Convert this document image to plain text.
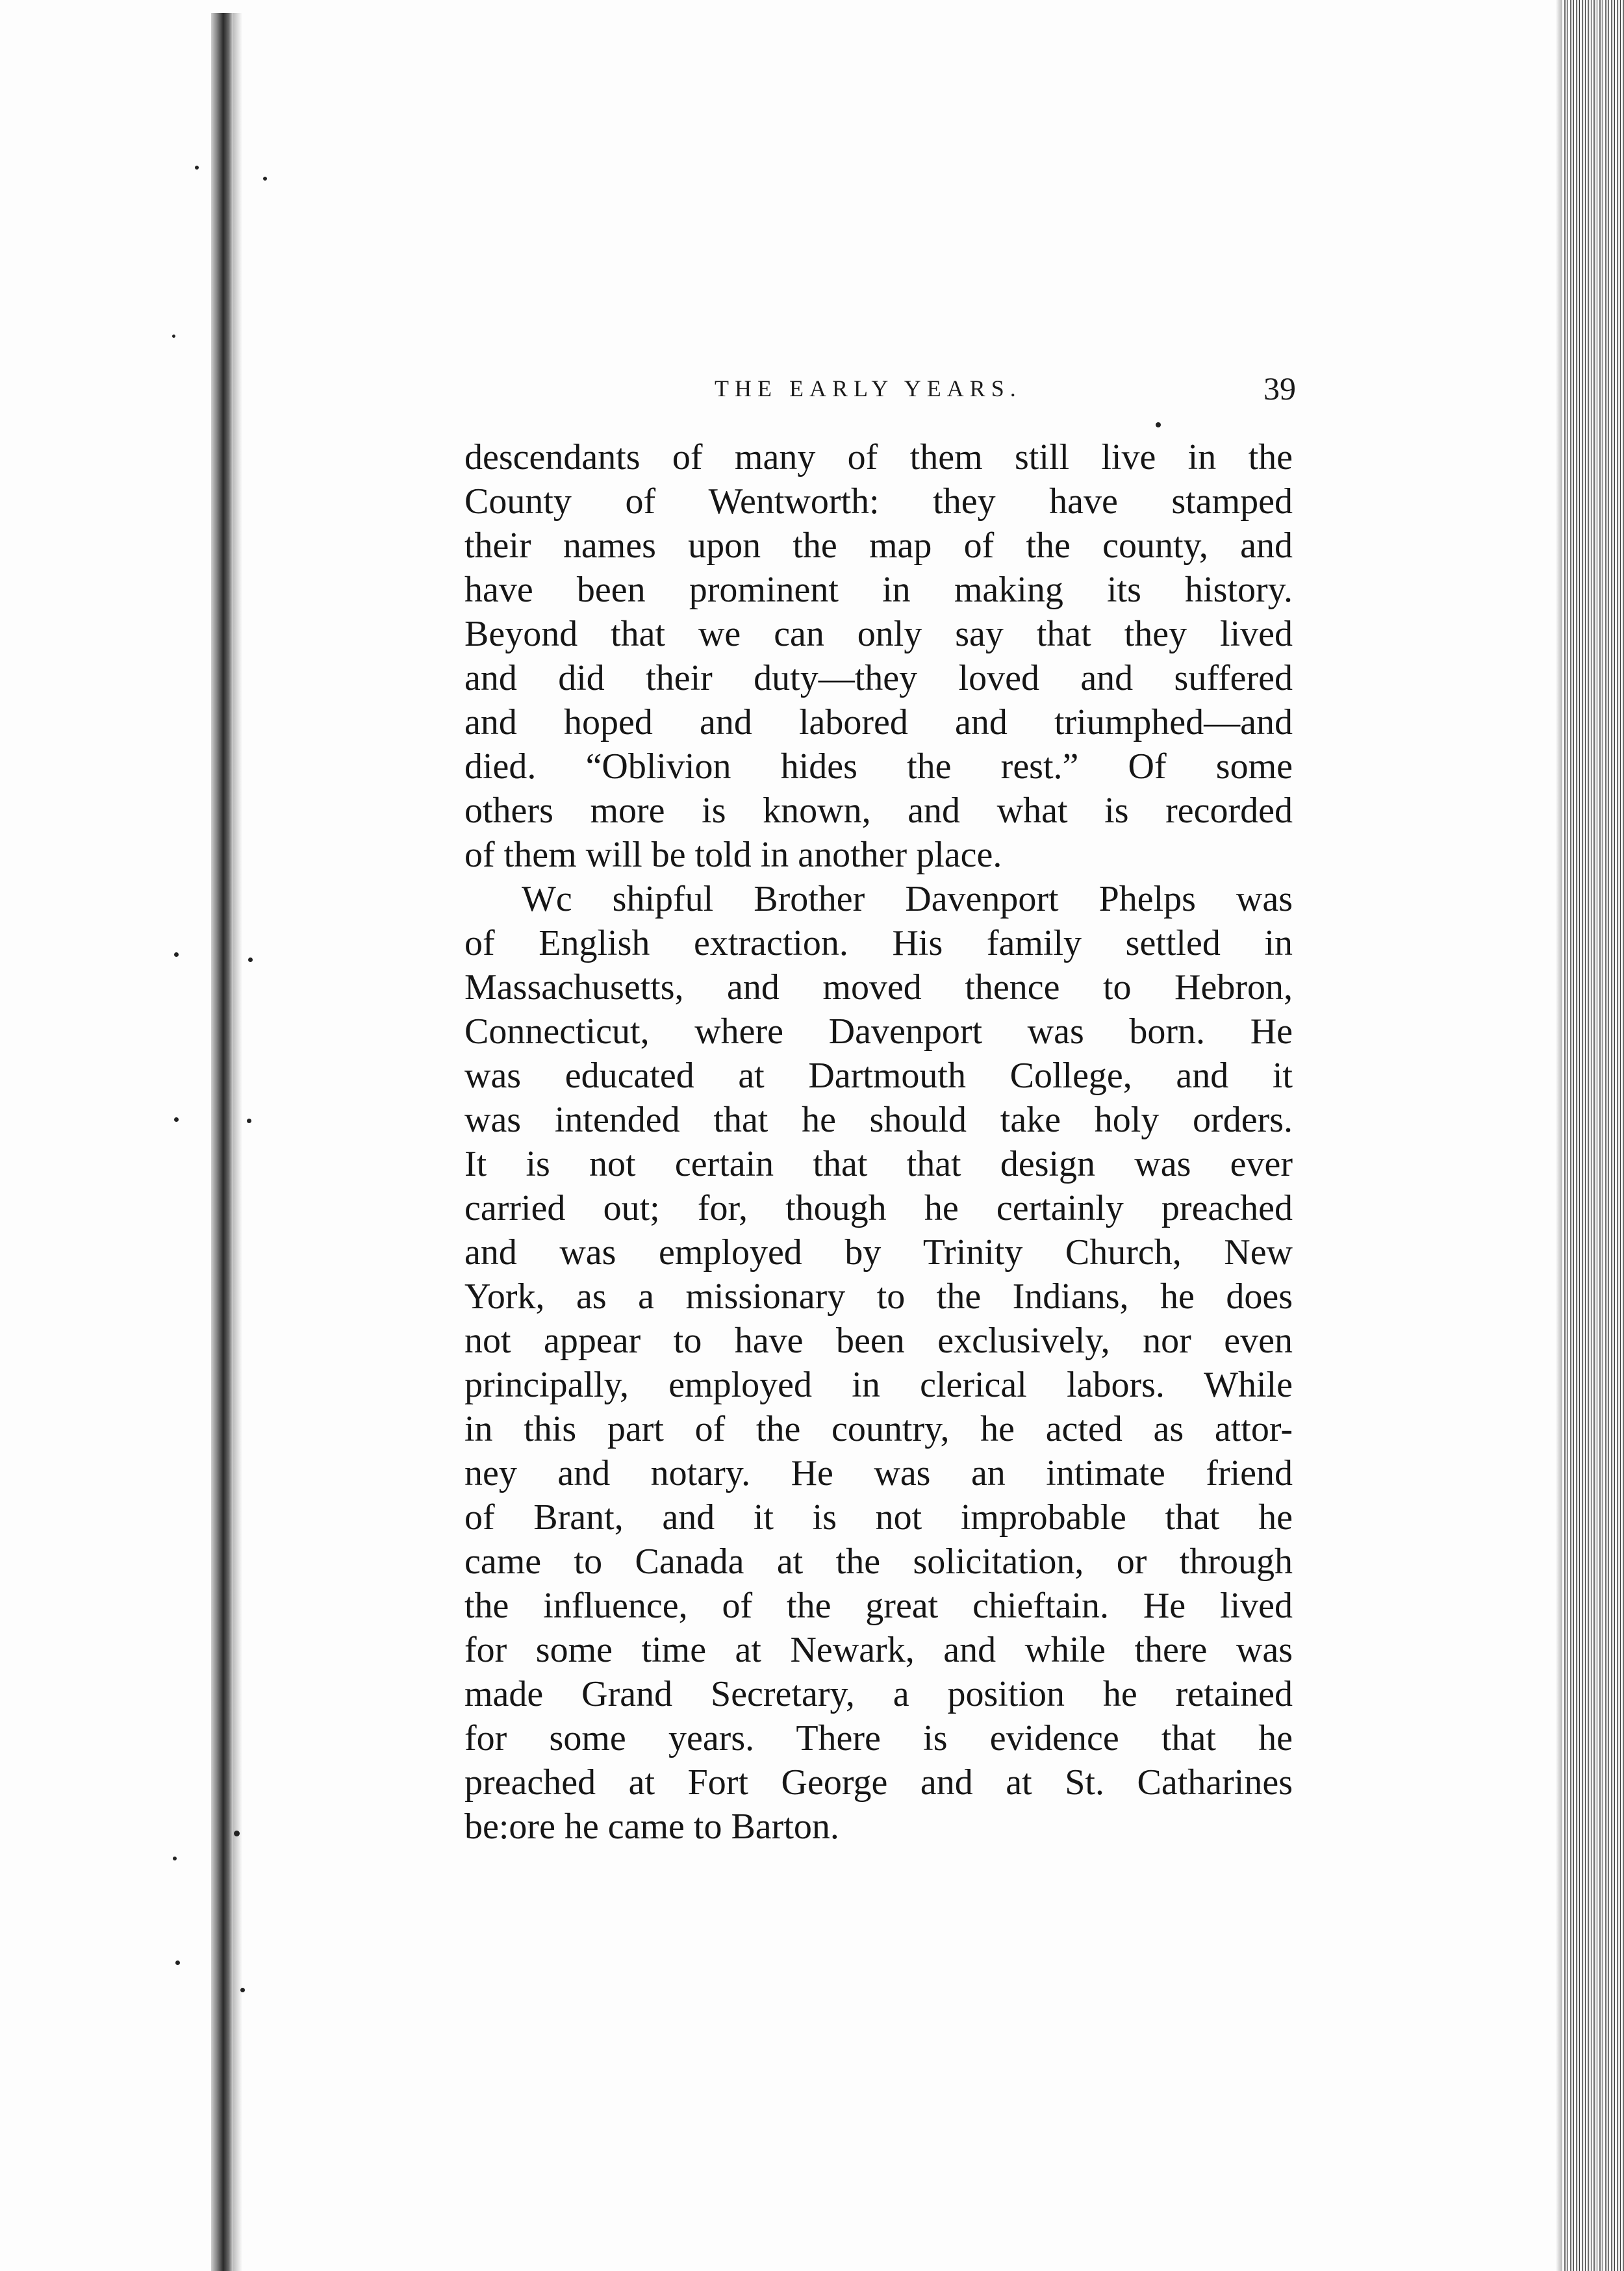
THE EARLY YEARS.	39
descendants of many of them still live in the
County of Wentworth: they have stamped
their names upon the map of the county, and
have been prominent in making its history.
Beyond that we can only say that they lived
and did their duty—they loved and suffered
and hoped and labored and triumphed—and
died. “Oblivion hides the rest.” Of some
others more is known, and what is recorded
of them will be told in another place.
Wc shipful Brother Davenport Phelps was
of English extraction. His family settled in
Massachusetts, and moved thence to Hebron,
Connecticut, where Davenport was born. He
was educated at Dartmouth College, and it
was intended that he should take holy orders.
It is not certain that that design was ever
carried out; for, though he certainly preached
and was employed by Trinity Church, New
York, as a missionary to the Indians, he does
not appear to have been exclusively, nor even
principally, employed in clerical labors. While
in this part of the country, he acted as attor-
ney and notary. He was an intimate friend
of Brant, and it is not improbable that he
came to Canada at the solicitation, or through
the influence, of the great chieftain. He lived
for some time at Newark, and while there was
made Grand Secretary, a position he retained
for some years. There is evidence that he
preached at Fort George and at St. Catharines
be:ore he came to Barton.
